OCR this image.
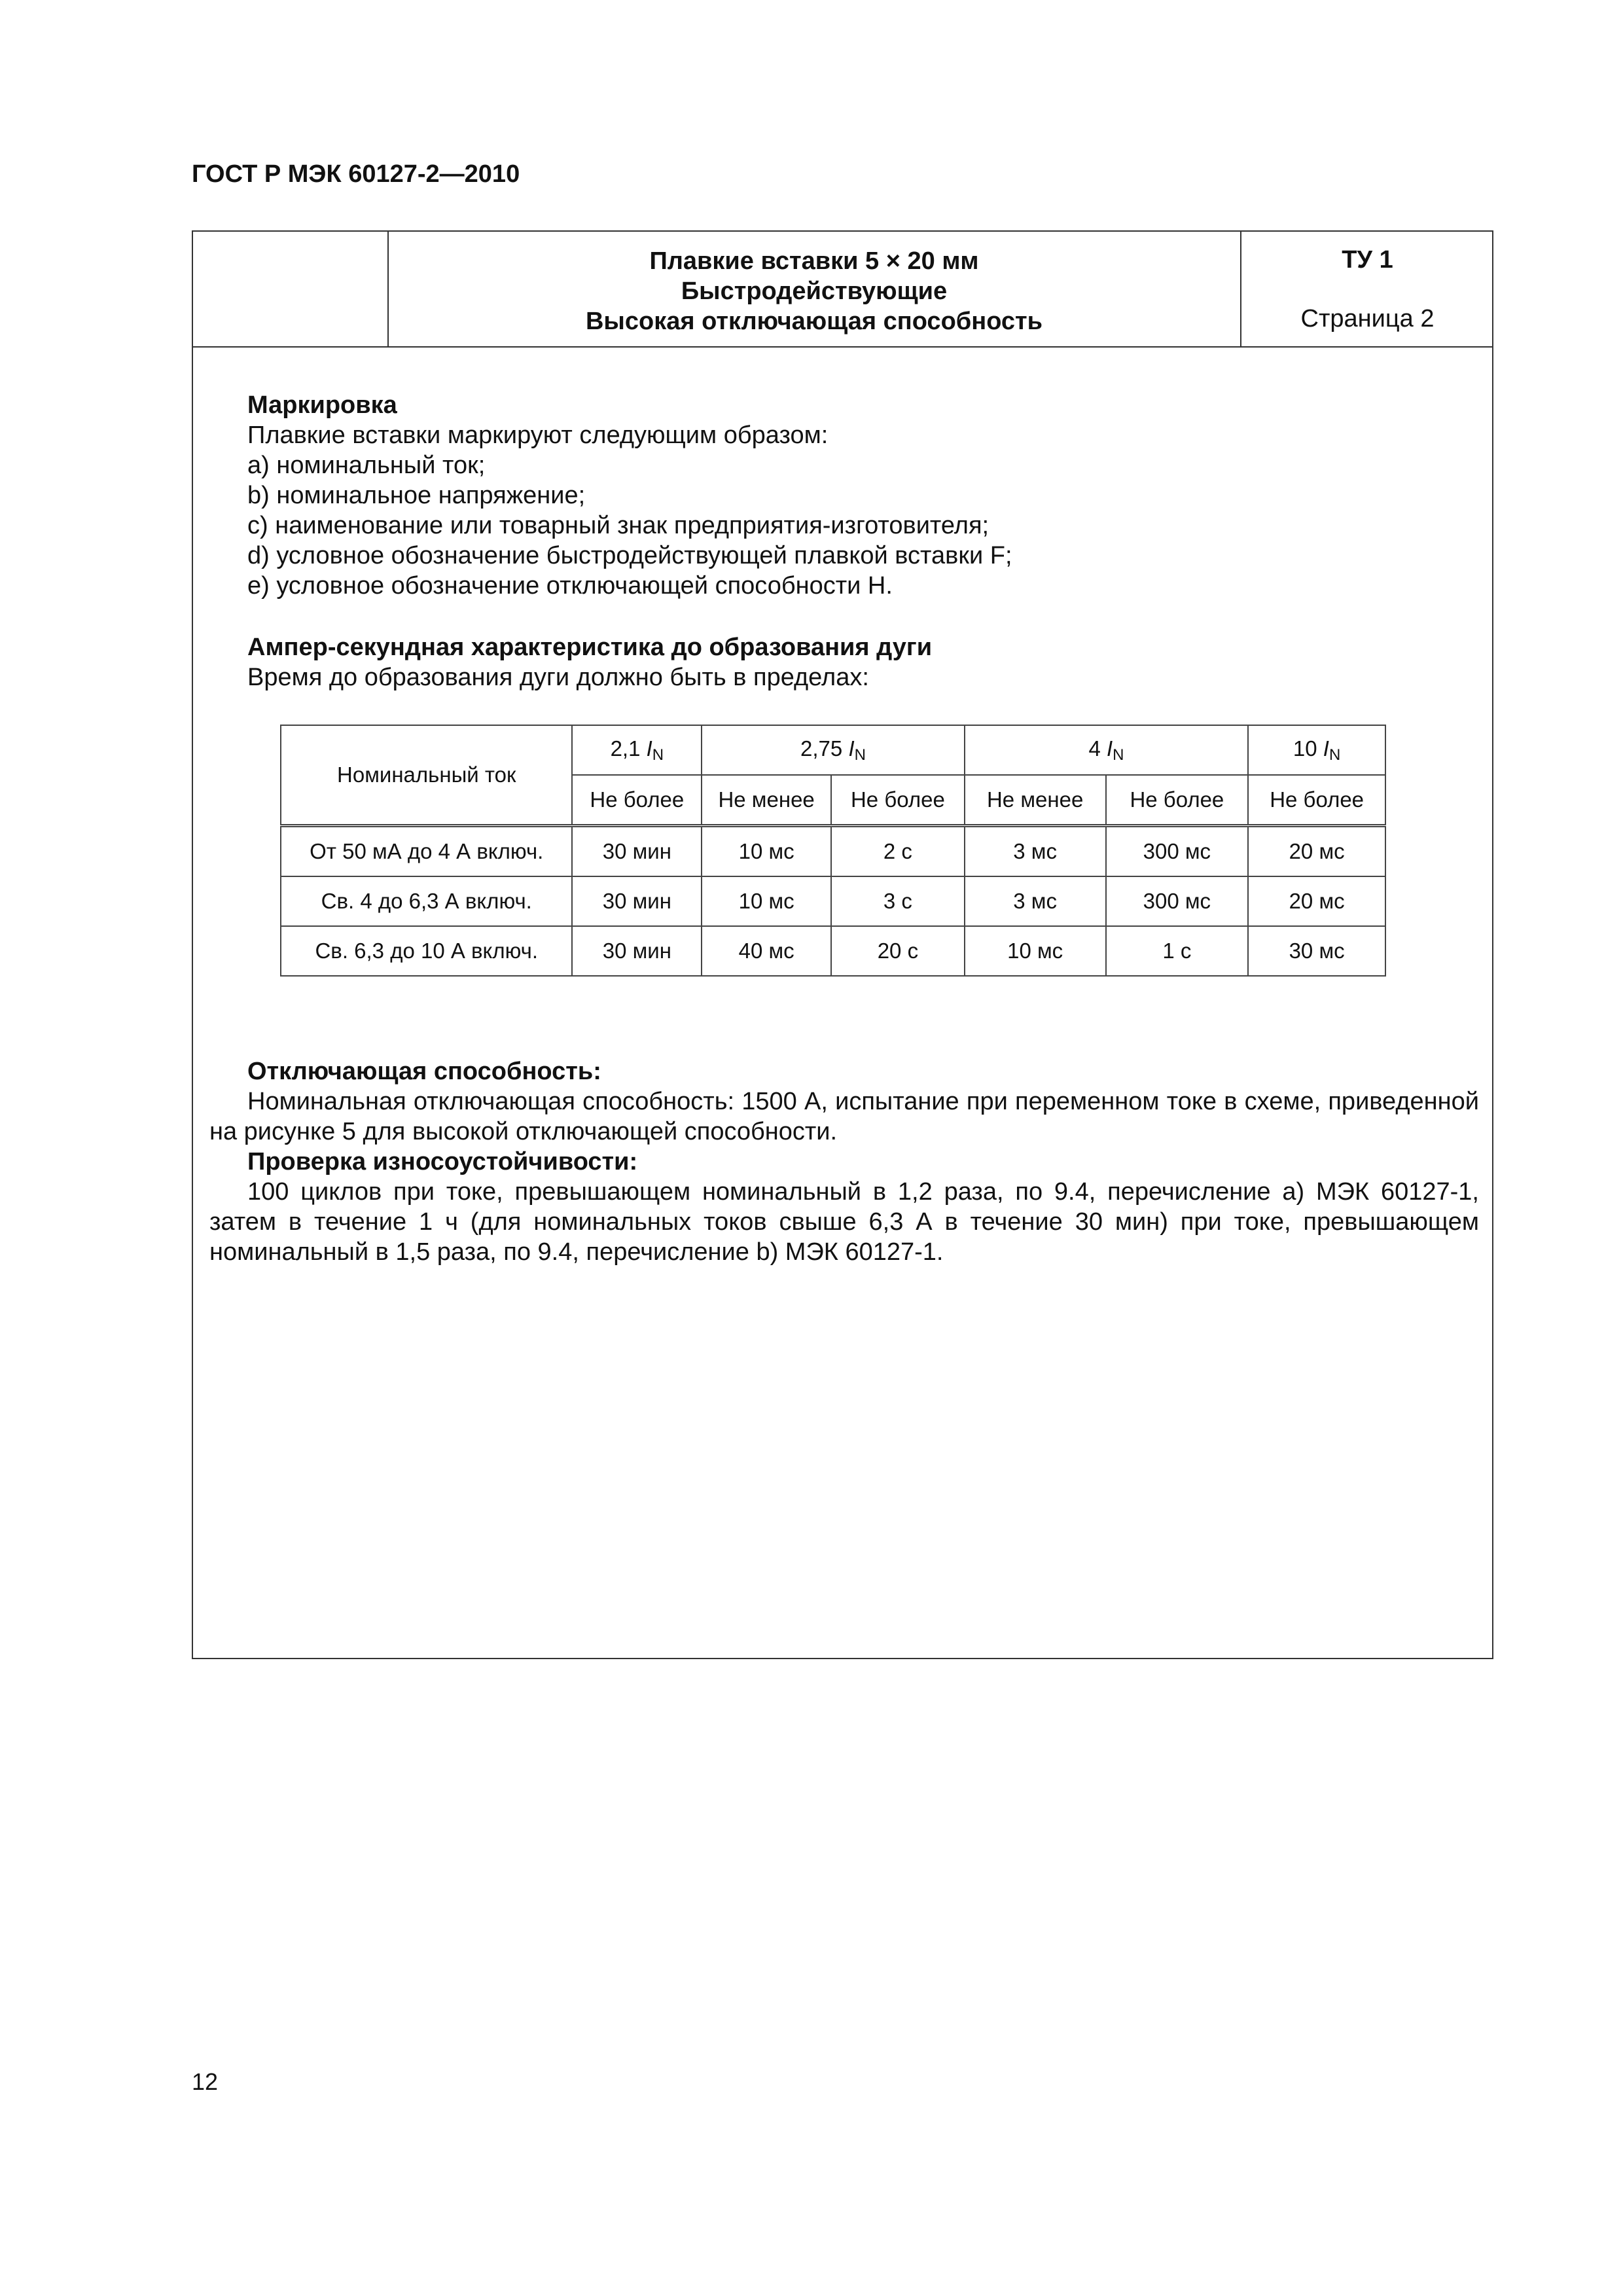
ГОСТ Р МЭК 60127-2—2010
Плавкие вставки 5 × 20 мм
Быстродействующие
Высокая отключающая способность
ТУ 1
Страница 2
Маркировка
Плавкие вставки маркируют следующим образом:
a) номинальный ток;
b) номинальное напряжение;
c) наименование или товарный знак предприятия-изготовителя;
d) условное обозначение быстродействующей плавкой вставки F;
e) условное обозначение отключающей способности H.
Ампер-секундная характеристика до образования дуги
Время до образования дуги должно быть в пределах:
Номинальный ток	2,1 $I_N$	2,75 $I_N$		4 $I_N$		10 $I_N$
	Не более	Не менее	Не более	Не менее	Не более	Не более
От 50 мА до 4 А включ.	30 мин	10 мс	2 с	3 мс	300 мс	20 мс
Св. 4 до 6,3 А включ.	30 мин	10 мс	3 с	3 мс	300 мс	20 мс
Св. 6,3 до 10 А включ.	30 мин	40 мс	20 с	10 мс	1 с	30 мс
Отключающая способность:
Номинальная отключающая способность: 1500 А, испытание при переменном токе в схеме, приведенной на рисунке 5 для высокой отключающей способности.
Проверка износоустойчивости:
100 циклов при токе, превышающем номинальный в 1,2 раза, по 9.4, перечисление a) МЭК 60127-1, затем в течение 1 ч (для номинальных токов свыше 6,3 А в течение 30 мин) при токе, превышающем номинальный в 1,5 раза, по 9.4, перечисление b) МЭК 60127-1.
12
